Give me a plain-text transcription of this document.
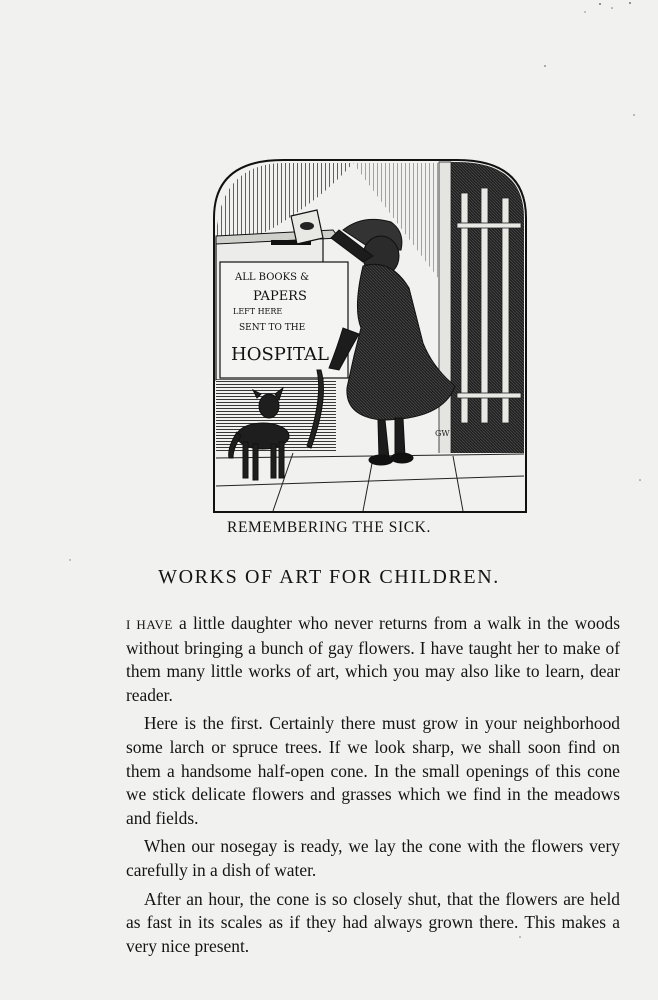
ALL BOOKS &
PAPERS
LEFT HERE
SENT TO THE
HOSPITAL
GW
REMEMBERING THE SICK.
WORKS OF ART FOR CHILDREN.

I HAVE a little daughter who never returns from a walk in the woods without bringing a bunch of gay flowers. I have taught her to make of them many little works of art, which you may also like to learn, dear reader.

Here is the first. Certainly there must grow in your neighborhood some larch or spruce trees. If we look sharp, we shall soon find on them a handsome half-open cone. In the small openings of this cone we stick delicate flowers and grasses which we find in the meadows and fields.

When our nosegay is ready, we lay the cone with the flowers very carefully in a dish of water.

After an hour, the cone is so closely shut, that the flowers are held as fast in its scales as if they had always grown there. This makes a very nice present.
